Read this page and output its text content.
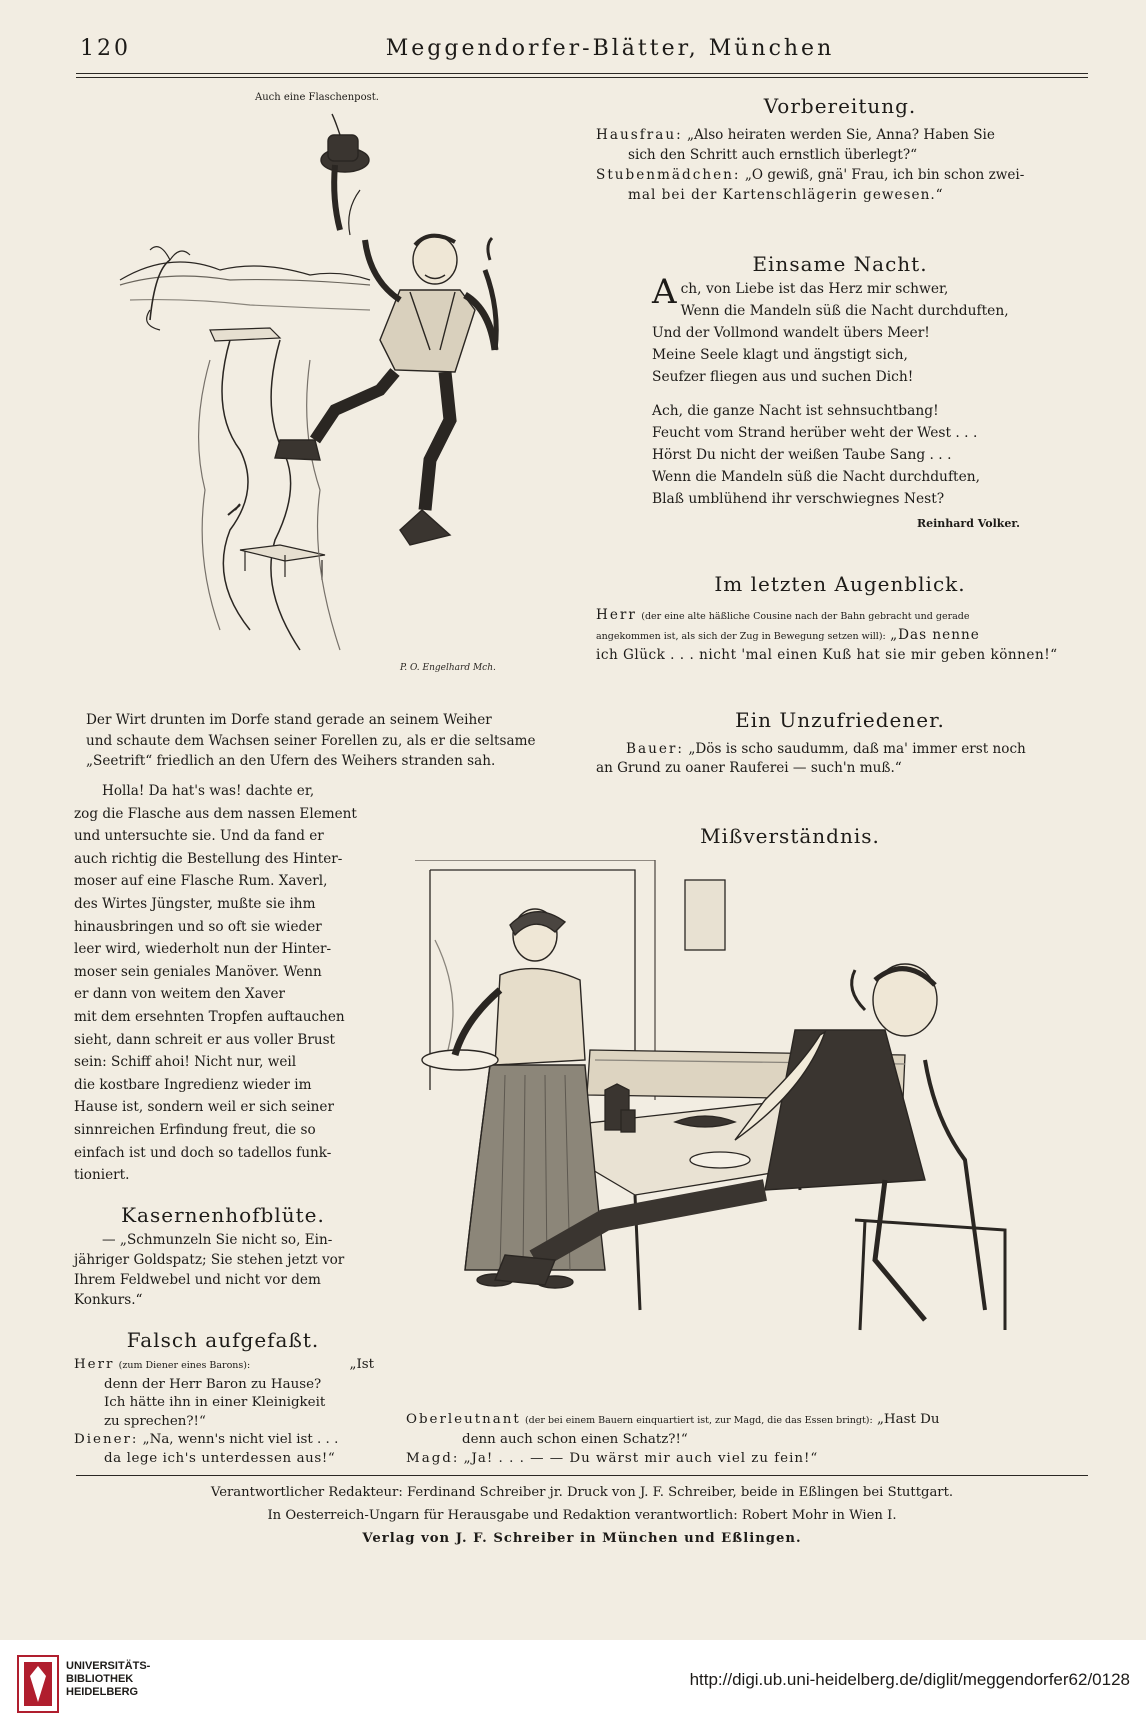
120	Meggendorfer-Blätter, München
Auch eine Flaschenpost.
P. O. Engelhard Mch.
Vorbereitung.
Hausfrau: „Also heiraten werden Sie, Anna? Haben Sie
sich den Schritt auch ernstlich überlegt?“
Stubenmädchen: „O gewiß, gnä' Frau, ich bin schon zwei-
mal bei der Kartenschlägerin gewesen.“
Einsame Nacht.

Ach, von Liebe ist das Herz mir schwer,

Wenn die Mandeln süß die Nacht durchduften,

Und der Vollmond wandelt übers Meer!

Meine Seele klagt und ängstigt sich,

Seufzer fliegen aus und suchen Dich!

Ach, die ganze Nacht ist sehnsuchtbang!

Feucht vom Strand herüber weht der West . . .

Hörst Du nicht der weißen Taube Sang . . .

Wenn die Mandeln süß die Nacht durchduften,

Blaß umblühend ihr verschwiegnes Nest?

Reinhard Volker.
Im letzten Augenblick.
Herr (der eine alte häßliche Cousine nach der Bahn gebracht und gerade
angekommen ist, als sich der Zug in Bewegung setzen will): „Das nenne
ich Glück . . . nicht 'mal einen Kuß hat sie mir geben können!“
Ein Unzufriedener.
Bauer: „Dös is scho saudumm, daß ma' immer erst noch
an Grund zu oaner Rauferei — such'n muß.“
Der Wirt drunten im Dorfe stand gerade an seinem Weiher
und schaute dem Wachsen seiner Forellen zu, als er die seltsame
„Seetrift“ friedlich an den Ufern des Weihers stranden sah.
Holla! Da hat's was! dachte er,
zog die Flasche aus dem nassen Element
und untersuchte sie. Und da fand er
auch richtig die Bestellung des Hinter-
moser auf eine Flasche Rum. Xaverl,
des Wirtes Jüngster, mußte sie ihm
hinausbringen und so oft sie wieder
leer wird, wiederholt nun der Hinter-
moser sein geniales Manöver. Wenn
er dann von weitem den Xaver
mit dem ersehnten Tropfen auftauchen
sieht, dann schreit er aus voller Brust
sein: Schiff ahoi! Nicht nur, weil
die kostbare Ingredienz wieder im
Hause ist, sondern weil er sich seiner
sinnreichen Erfindung freut, die so
einfach ist und doch so tadellos funk-
tioniert.
Kasernenhofblüte.
— „Schmunzeln Sie nicht so, Ein-
jähriger Goldspatz; Sie stehen jetzt vor
Ihrem Feldwebel und nicht vor dem
Konkurs.“
Falsch aufgefaßt.
Herr (zum Diener eines Barons):	„Ist
denn der Herr Baron zu Hause?
Ich hätte ihn in einer Kleinigkeit
zu sprechen?!“
Diener: „Na, wenn's nicht viel ist . . .
da lege ich's unterdessen aus!“
Mißverständnis.
Oberleutnant (der bei einem Bauern einquartiert ist, zur Magd, die das Essen bringt): „Hast Du
denn auch schon einen Schatz?!“
Magd: „Ja! . . . — — Du wärst mir auch viel zu fein!“
Verantwortlicher Redakteur: Ferdinand Schreiber jr. Druck von J. F. Schreiber, beide in Eßlingen bei Stuttgart.
In Oesterreich-Ungarn für Herausgabe und Redaktion verantwortlich: Robert Mohr in Wien I.
Verlag von J. F. Schreiber in München und Eßlingen.
UNIVERSITÄTS-
BIBLIOTHEK
HEIDELBERG
http://digi.ub.uni-heidelberg.de/diglit/meggendorfer62/0128
